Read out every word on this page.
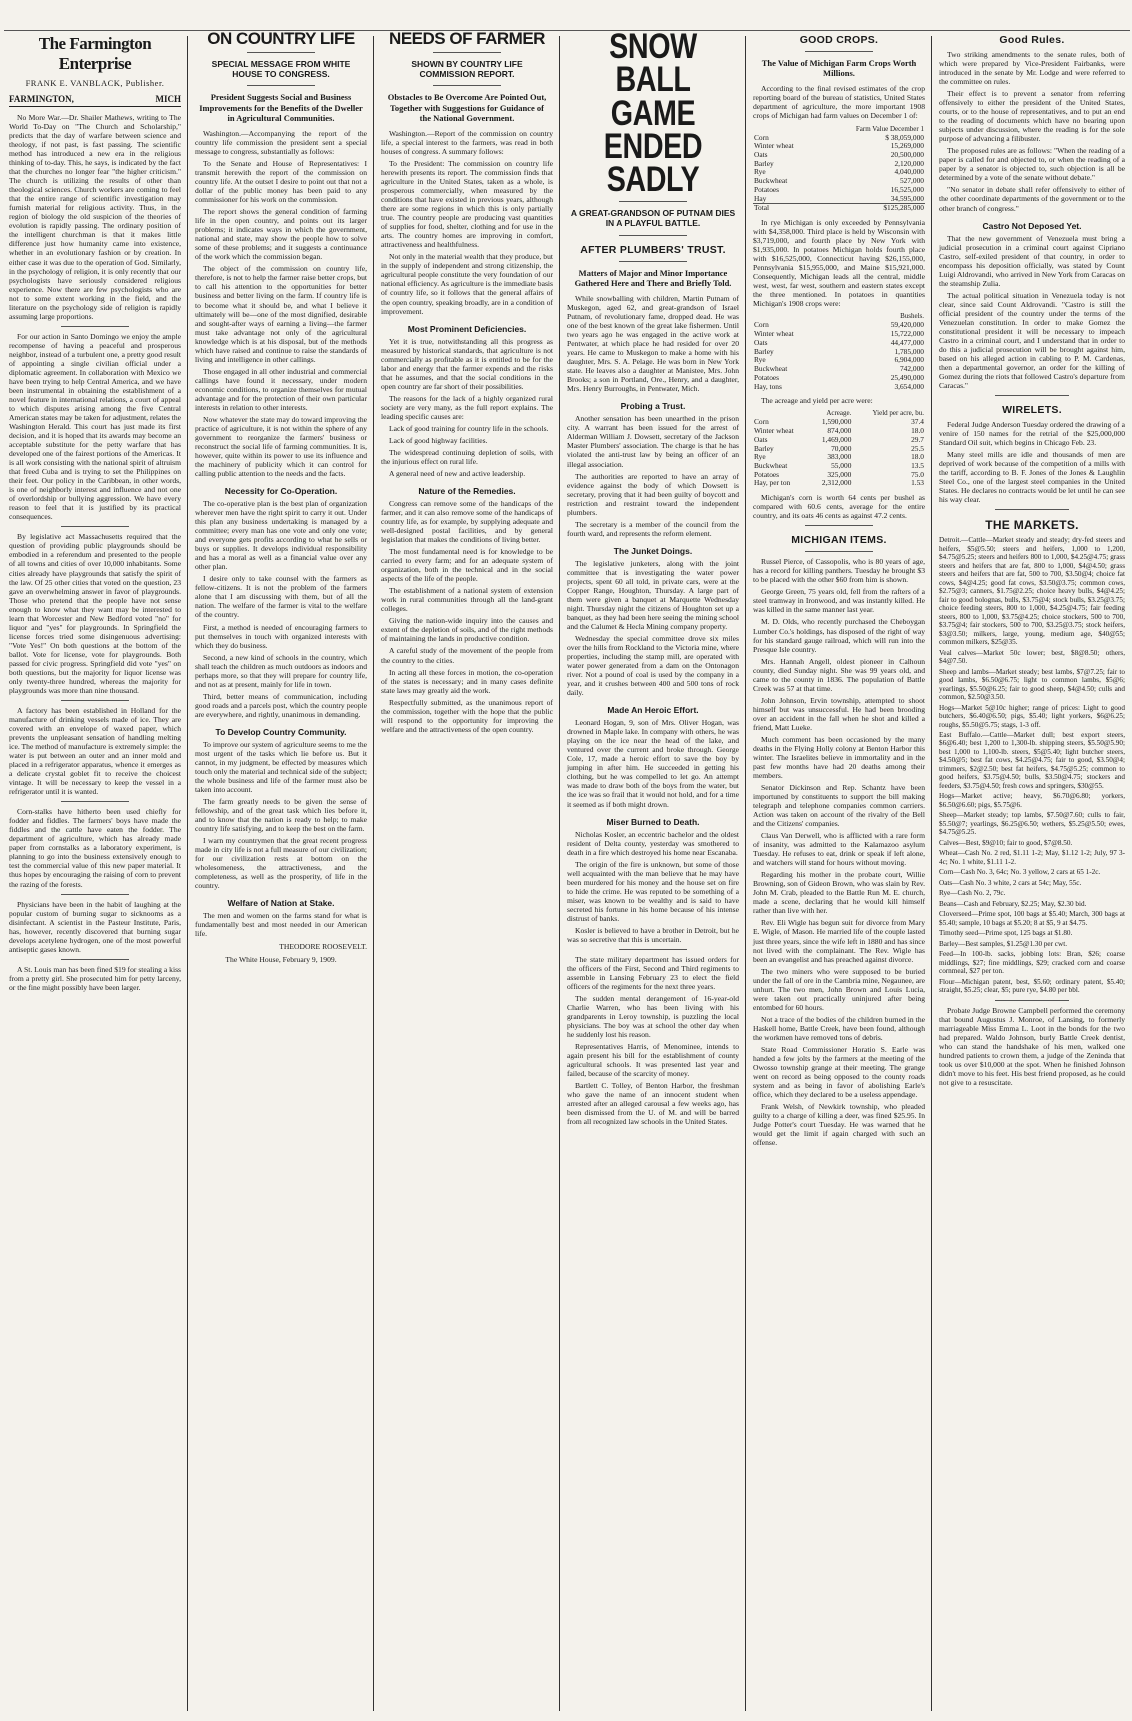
The Farmington Enterprise
FRANK E. VANBLACK, Publisher.
FARMINGTON,	MICH

No More War.—Dr. Shailer Mathews, writing to The World To-Day on "The Church and Scholarship," predicts that the day of warfare between science and theology, if not past, is fast passing. The scientific method has introduced a new era in the religious thinking of to-day. This, he says, is indicated by the fact that the churches no longer fear "the higher criticism." The church is utilizing the results of other than theological sciences. Church workers are coming to feel that the entire range of scientific investigation may furnish material for religious activity. Thus, in the region of biology the old suspicion of the theories of evolution is rapidly passing. The ordinary position of the intelligent churchman is that it makes little difference just how humanity came into existence, whether in an evolutionary fashion or by creation. In either case it was due to the operation of God. Similarly, in the psychology of religion, it is only recently that our psychologists have seriously considered religious experience. Now there are few psychologists who are not to some extent working in the field, and the literature on the psychology side of religion is rapidly assuming large proportions.

For our action in Santo Domingo we enjoy the ample recompense of having a peaceful and prosperous neighbor, instead of a turbulent one, a pretty good result of appointing a single civilian official under a diplomatic agreement. In collaboration with Mexico we have been trying to help Central America, and we have been instrumental in obtaining the establishment of a novel feature in international relations, a court of appeal to which disputes arising among the five Central American states may be taken for adjustment, relates the Washington Herald. This court has just made its first decision, and it is hoped that its awards may become an acceptable substitute for the petty warfare that has developed one of the fairest portions of the Americas. It is all work consisting with the national spirit of altruism that freed Cuba and is trying to set the Philippines on their feet. Our policy in the Caribbean, in other words, is one of neighborly interest and influence and not one of overlordship or bullying aggression. We have every reason to feel that it is justified by its practical consequences.

By legislative act Massachusetts required that the question of providing public playgrounds should be embodied in a referendum and presented to the people of all towns and cities of over 10,000 inhabitants. Some cities already have playgrounds that satisfy the spirit of the law. Of 25 other cities that voted on the question, 23 gave an overwhelming answer in favor of playgrounds. Those who pretend that the people have not sense enough to know what they want may be interested to learn that Worcester and New Bedford voted "no" for liquor and "yes" for playgrounds. In Springfield the license forces tried some disingenuous advertising: "Vote Yes!" On both questions at the bottom of the ballot. Vote for license, vote for playgrounds. Both passed for civic progress. Springfield did vote "yes" on both questions, but the majority for liquor license was only twenty-three hundred, whereas the majority for playgrounds was more than nine thousand.

A factory has been established in Holland for the manufacture of drinking vessels made of ice. They are covered with an envelope of waxed paper, which prevents the unpleasant sensation of handling melting ice. The method of manufacture is extremely simple: the water is put between an outer and an inner mold and placed in a refrigerator apparatus, whence it emerges as a delicate crystal goblet fit to receive the choicest vintage. It will be necessary to keep the vessel in a refrigerator until it is wanted.

Corn-stalks have hitherto been used chiefly for fodder and fiddles. The farmers' boys have made the fiddles and the cattle have eaten the fodder. The department of agriculture, which has already made paper from cornstalks as a laboratory experiment, is planning to go into the business extensively enough to test the commercial value of this new paper material. It thus hopes by encouraging the raising of corn to prevent the razing of the forests.

Physicians have been in the habit of laughing at the popular custom of burning sugar to sicknooms as a disinfectant. A scientist in the Pasteur Institute, Paris, has, however, recently discovered that burning sugar develops acetylene hydrogen, one of the most powerful antiseptic gases known.

A St. Louis man has been fined $19 for stealing a kiss from a pretty girl. She prosecuted him for petty larceny, or the fine might possibly have been larger.

ON COUNTRY LIFE
SPECIAL MESSAGE FROM WHITE HOUSE TO CONGRESS.
President Suggests Social and Business Improvements for the Benefits of the Dweller in Agricultural Communities.

Washington.—Accompanying the report of the country life commission the president sent a special message to congress, substantially as follows:

To the Senate and House of Representatives: I transmit herewith the report of the commission on country life. At the outset I desire to point out that not a dollar of the public money has been paid to any commissioner for his work on the commission.

The report shows the general condition of farming life in the open country, and points out its larger problems; it indicates ways in which the government, national and state, may show the people how to solve some of these problems; and it suggests a continuance of the work which the commission began.

The object of the commission on country life, therefore, is not to help the farmer raise better crops, but to call his attention to the opportunities for better business and better living on the farm. If country life is to become what it should be, and what I believe it ultimately will be—one of the most dignified, desirable and sought-after ways of earning a living—the farmer must take advantage not only of the agricultural knowledge which is at his disposal, but of the methods which have raised and continue to raise the standards of living and intelligence in other callings.

Those engaged in all other industrial and commercial callings have found it necessary, under modern economic conditions, to organize themselves for mutual advantage and for the protection of their own particular interests in relation to other interests.

Now whatever the state may do toward improving the practice of agriculture, it is not within the sphere of any government to reorganize the farmers' business or reconstruct the social life of farming communities. It is, however, quite within its power to use its influence and the machinery of publicity which it can control for calling public attention to the needs and the facts.

Necessity for Co-Operation.

The co-operative plan is the best plan of organization wherever men have the right spirit to carry it out. Under this plan any business undertaking is managed by a committee; every man has one vote and only one vote; and everyone gets profits according to what he sells or buys or supplies. It develops individual responsibility and has a moral as well as a financial value over any other plan.

I desire only to take counsel with the farmers as fellow-citizens. It is not the problem of the farmers alone that I am discussing with them, but of all the nation. The welfare of the farmer is vital to the welfare of the country.

First, a method is needed of encouraging farmers to put themselves in touch with organized interests with which they do business.

Second, a new kind of schools in the country, which shall teach the children as much outdoors as indoors and perhaps more, so that they will prepare for country life, and not as at present, mainly for life in town.

Third, better means of communication, including good roads and a parcels post, which the country people are everywhere, and rightly, unanimous in demanding.

To Develop Country Community.

To improve our system of agriculture seems to me the most urgent of the tasks which lie before us. But it cannot, in my judgment, be effected by measures which touch only the material and technical side of the subject; the whole business and life of the farmer must also be taken into account.

The farm greatly needs to be given the sense of fellowship, and of the great task which lies before it, and to know that the nation is ready to help; to make country life satisfying, and to keep the best on the farm.

I warn my countrymen that the great recent progress made in city life is not a full measure of our civilization; for our civilization rests at bottom on the wholesomeness, the attractiveness, and the completeness, as well as the prosperity, of life in the country.

Welfare of Nation at Stake.

The men and women on the farms stand for what is fundamentally best and most needed in our American life.

THEODORE ROOSEVELT.
The White House, February 9, 1909.
NEEDS OF FARMER
SHOWN BY COUNTRY LIFE COMMISSION REPORT.
Obstacles to Be Overcome Are Pointed Out, Together with Suggestions for Guidance of the National Government.

Washington.—Report of the commission on country life, a special interest to the farmers, was read in both houses of congress. A summary follows:

To the President: The commission on country life herewith presents its report. The commission finds that agriculture in the United States, taken as a whole, is prosperous commercially, when measured by the conditions that have existed in previous years, although there are some regions in which this is only partially true. The country people are producing vast quantities of supplies for food, shelter, clothing and for use in the arts. The country homes are improving in comfort, attractiveness and healthfulness.

Not only in the material wealth that they produce, but in the supply of independent and strong citizenship, the agricultural people constitute the very foundation of our national efficiency. As agriculture is the immediate basis of country life, so it follows that the general affairs of the open country, speaking broadly, are in a condition of improvement.

Most Prominent Deficiencies.

Yet it is true, notwithstanding all this progress as measured by historical standards, that agriculture is not commercially as profitable as it is entitled to be for the labor and energy that the farmer expends and the risks that he assumes, and that the social conditions in the open country are far short of their possibilities.

The reasons for the lack of a highly organized rural society are very many, as the full report explains. The leading specific causes are:

Lack of good training for country life in the schools.

Lack of good highway facilities.

The widespread continuing depletion of soils, with the injurious effect on rural life.

A general need of new and active leadership.

Nature of the Remedies.

Congress can remove some of the handicaps of the farmer, and it can also remove some of the handicaps of country life, as for example, by supplying adequate and well-designed postal facilities, and by general legislation that makes the conditions of living better.

The most fundamental need is for knowledge to be carried to every farm; and for an adequate system of organization, both in the technical and in the social aspects of the life of the people.

The establishment of a national system of extension work in rural communities through all the land-grant colleges.

Giving the nation-wide inquiry into the causes and extent of the depletion of soils, and of the right methods of maintaining the lands in productive condition.

A careful study of the movement of the people from the country to the cities.

In acting all these forces in motion, the co-operation of the states is necessary; and in many cases definite state laws may greatly aid the work.

Respectfully submitted, as the unanimous report of the commission, together with the hope that the public will respond to the opportunity for improving the welfare and the attractiveness of the open country.

SNOW BALL GAME ENDED SADLY
A GREAT-GRANDSON OF PUTNAM DIES IN A PLAYFUL BATTLE.
AFTER PLUMBERS' TRUST.
Matters of Major and Minor Importance Gathered Here and There and Briefly Told.

While snowballing with children, Martin Putnam of Muskegon, aged 62, and great-grandson of Israel Putnam, of revolutionary fame, dropped dead. He was one of the best known of the great lake fishermen. Until two years ago he was engaged in the active work at Pentwater, at which place he had resided for over 20 years. He came to Muskegon to make a home with his daughter, Mrs. S. A. Pelage. He was born in New York state. He leaves also a daughter at Manistee, Mrs. John Brooks; a son in Portland, Ore., Henry, and a daughter, Mrs. Henry Burroughs, in Pentwater, Mich.

Probing a Trust.

Another sensation has been unearthed in the prison city. A warrant has been issued for the arrest of Alderman William J. Dowsett, secretary of the Jackson Master Plumbers' association. The charge is that he has violated the anti-trust law by being an officer of an illegal association.

The authorities are reported to have an array of evidence against the body of which Dowsett is secretary, proving that it had been guilty of boycott and restriction and restraint toward the independent plumbers.

The secretary is a member of the council from the fourth ward, and represents the reform element.

The Junket Doings.

The legislative junketers, along with the joint committee that is investigating the water power projects, spent 60 all told, in private cars, were at the Copper Range, Houghton, Thursday. A large part of them were given a banquet at Marquette Wednesday night. Thursday night the citizens of Houghton set up a banquet, as they had been here seeing the mining school and the Calumet & Hecla Mining company property.

Wednesday the special committee drove six miles over the hills from Rockland to the Victoria mine, where properties, including the stamp mill, are operated with water power generated from a dam on the Ontonagon river. Not a pound of coal is used by the company in a year, and it crushes between 400 and 500 tons of rock daily.

Made An Heroic Effort.

Leonard Hogan, 9, son of Mrs. Oliver Hogan, was drowned in Maple lake. In company with others, he was playing on the ice near the head of the lake, and ventured over the current and broke through. George Cole, 17, made a heroic effort to save the boy by jumping in after him. He succeeded in getting his clothing, but he was compelled to let go. An attempt was made to draw both of the boys from the water, but the ice was so frail that it would not hold, and for a time it seemed as if both might drown.

Miser Burned to Death.

Nicholas Kosler, an eccentric bachelor and the oldest resident of Delta county, yesterday was smothered to death in a fire which destroyed his home near Escanaba.

The origin of the fire is unknown, but some of those well acquainted with the man believe that he may have been murdered for his money and the house set on fire to hide the crime. He was reputed to be something of a miser, was known to be wealthy and is said to have secreted his fortune in his home because of his intense distrust of banks.

Kosler is believed to have a brother in Detroit, but he was so secretive that this is uncertain.

The state military department has issued orders for the officers of the First, Second and Third regiments to assemble in Lansing February 23 to elect the field officers of the regiments for the next three years.

The sudden mental derangement of 16-year-old Charlie Warren, who has been living with his grandparents in Leroy township, is puzzling the local physicians. The boy was at school the other day when he suddenly lost his reason.

Representatives Harris, of Menominee, intends to again present his bill for the establishment of county agricultural schools. It was presented last year and failed, because of the scarcity of money.

Bartlett C. Tolley, of Benton Harbor, the freshman who gave the name of an innocent student when arrested after an alleged carousal a few weeks ago, has been dismissed from the U. of M. and will be barred from all recognized law schools in the United States.

GOOD CROPS.
The Value of Michigan Farm Crops Worth Millions.

According to the final revised estimates of the crop reporting board of the bureau of statistics, United States department of agriculture, the more important 1908 crops of Michigan had farm values on December 1 of:

	Farm Value December 1
Corn	$ 38,059,000
Winter wheat	15,269,000
Oats	20,500,000
Barley	2,120,000
Rye	4,040,000
Buckwheat	527,000
Potatoes	16,525,000
Hay	34,595,000
Total	$125,285,000

In rye Michigan is only exceeded by Pennsylvania with $4,358,000. Third place is held by Wisconsin with $3,719,000, and fourth place by New York with $1,935,000. In potatoes Michigan holds fourth place with $16,525,000, Connecticut having $26,155,000, Pennsylvania $15,955,000, and Maine $15,921,000. Consequently, Michigan leads all the central, middle west, west, far west, southern and eastern states except the three mentioned. In potatoes in quantities Michigan's 1908 crops were:

	Bushels.
Corn	59,420,000
Winter wheat	15,722,000
Oats	44,477,000
Barley	1,785,000
Rye	6,904,000
Buckwheat	742,000
Potatoes	25,490,000
Hay, tons	3,654,000

The acreage and yield per acre were:

	Acreage.	Yield per acre, bu.
Corn	1,590,000	37.4
Winter wheat	874,000	18.0
Oats	1,469,000	29.7
Barley	70,000	25.5
Rye	383,000	18.0
Buckwheat	55,000	13.5
Potatoes	325,000	75.0
Hay, per ton	2,312,000	1.53

Michigan's corn is worth 64 cents per bushel as compared with 60.6 cents, average for the entire country, and its oats 46 cents as against 47.2 cents.

MICHIGAN ITEMS.

Russel Pierce, of Cassopolis, who is 80 years of age, has a record for killing panthers. Tuesday he brought $3 to be placed with the other $60 from him is shown.

George Green, 75 years old, fell from the rafters of a steel tramway in Ironwood, and was instantly killed. He was killed in the same manner last year.

M. D. Olds, who recently purchased the Cheboygan Lumber Co.'s holdings, has disposed of the right of way for his standard gauge railroad, which will run into the Presque Isle country.

Mrs. Hannah Angell, oldest pioneer in Calhoun county, died Sunday night. She was 99 years old, and came to the county in 1836. The population of Battle Creek was 57 at that time.

John Johnson, Ervin township, attempted to shoot himself but was unsuccessful. He had been brooding over an accident in the fall when he shot and killed a friend, Matt Lueke.

Much comment has been occasioned by the many deaths in the Flying Holly colony at Benton Harbor this winter. The Israelites believe in immortality and in the past few months have had 20 deaths among their members.

Senator Dickinson and Rep. Schantz have been importuned by constituents to support the bill making telegraph and telephone companies common carriers. Action was taken on account of the rivalry of the Bell and the Citizens' companies.

Claus Van Derwell, who is afflicted with a rare form of insanity, was admitted to the Kalamazoo asylum Tuesday. He refuses to eat, drink or speak if left alone, and watchers will stand for hours without moving.

Regarding his mother in the probate court, Willie Browning, son of Gideon Brown, who was slain by Rev. John M. Crab, pleaded to the Battle Run M. E. church, made a scene, declaring that he would kill himself rather than live with her.

Rev. Eli Wigle has begun suit for divorce from Mary E. Wigle, of Mason. He married life of the couple lasted just three years, since the wife left in 1880 and has since not lived with the complainant. The Rev. Wigle has been an evangelist and has preached against divorce.

The two miners who were supposed to be buried under the fall of ore in the Cambria mine, Negaunee, are unhurt. The two men, John Brown and Louis Lucia, were taken out practically uninjured after being entombed for 60 hours.

Not a trace of the bodies of the children burned in the Haskell home, Battle Creek, have been found, although the workmen have removed tons of debris.

State Road Commissioner Horatio S. Earle was handed a few jolts by the farmers at the meeting of the Owosso township grange at their meeting. The grange went on record as being opposed to the county roads system and as being in favor of abolishing Earle's office, which they declared to be a useless appendage.

Frank Welsh, of Newkirk township, who pleaded guilty to a charge of killing a deer, was fined $25.95. In Judge Potter's court Tuesday. He was warned that he would get the limit if again charged with such an offense.

Good Rules.

Two striking amendments to the senate rules, both of which were prepared by Vice-President Fairbanks, were introduced in the senate by Mr. Lodge and were referred to the committee on rules.

Their effect is to prevent a senator from referring offensively to either the president of the United States, courts, or to the house of representatives, and to put an end to the reading of documents which have no bearing upon subjects under discussion, where the reading is for the sole purpose of advancing a filibuster.

The proposed rules are as follows: "When the reading of a paper is called for and objected to, or when the reading of a paper by a senator is objected to, such objection is all be determined by a vote of the senate without debate."

"No senator in debate shall refer offensively to either of the other coordinate departments of the government or to the other branch of congress."

Castro Not Deposed Yet.

That the new government of Venezuela must bring a judicial prosecution in a criminal court against Cipriano Castro, self-exiled president of that country, in order to encompass his deposition officially, was stated by Count Luigi Aldrovandi, who arrived in New York from Caracas on the steamship Zulia.

The actual political situation in Venezuela today is not clear, since said Count Aldrovandi. "Castro is still the official president of the country under the terms of the Venezuelan constitution. In order to make Gomez the constitutional president it will be necessary to impeach Castro in a criminal court, and I understand that in order to do this a judicial prosecution will be brought against him, based on his alleged action in cabling to P. M. Cardenas, then a departmental governor, an order for the killing of Gomez during the riots that followed Castro's departure from Caracas."

WIRELETS.

Federal Judge Anderson Tuesday ordered the drawing of a venire of 150 names for the retrial of the $25,000,000 Standard Oil suit, which begins in Chicago Feb. 23.

Many steel mills are idle and thousands of men are deprived of work because of the competition of a mills with the tariff, according to B. F. Jones of the Jones & Laughlin Steel Co., one of the largest steel companies in the United States. He declares no contracts would be let until he can see his way clear.

THE MARKETS.
Detroit.—Cattle—Market steady and steady; dry-fed steers and heifers, $5@5.50; steers and heifers, 1,000 to 1,200, $4.75@5.25; steers and heifers 800 to 1,000, $4.25@4.75; grass steers and heifers that are fat, 800 to 1,000, $4@4.50; grass steers and heifers that are fat, 500 to 700, $3.50@4; choice fat cows, $4@4.25; good fat cows, $3.50@3.75; common cows, $2.75@3; canners, $1.75@2.25; choice heavy bulls, $4@4.25; fair to good bolognas, bulls, $3.75@4; stock bulls, $3.25@3.75; choice feeding steers, 800 to 1,000, $4.25@4.75; fair feeding steers, 800 to 1,000, $3.75@4.25; choice stockers, 500 to 700, $3.75@4; fair stockers, 500 to 700, $3.25@3.75; stock heifers, $3@3.50; milkers, large, young, medium age, $40@55; common milkers, $25@35.
Veal calves—Market 50c lower; best, $8@8.50; others, $4@7.50.
Sheep and lambs—Market steady; best lambs, $7@7.25; fair to good lambs, $6.50@6.75; light to common lambs, $5@6; yearlings, $5.50@6.25; fair to good sheep, $4@4.50; culls and common, $2.50@3.50.
Hogs—Market 5@10c higher; range of prices: Light to good butchers, $6.40@6.50; pigs, $5.40; light yorkers, $6@6.25; roughs, $5.50@5.75; stags, 1-3 off.
East Buffalo.—Cattle—Market dull; best export steers, $6@6.40; best 1,200 to 1,300-lb. shipping steers, $5.50@5.90; best 1,000 to 1,100-lb. steers, $5@5.40; light butcher steers, $4.50@5; best fat cows, $4.25@4.75; fair to good, $3.50@4; trimmers, $2@2.50; best fat heifers, $4.75@5.25; common to good heifers, $3.75@4.50; bulls, $3.50@4.75; stockers and feeders, $3.75@4.50; fresh cows and springers, $30@55.
Hogs—Market active; heavy, $6.70@6.80; yorkers, $6.50@6.60; pigs, $5.75@6.
Sheep—Market steady; top lambs, $7.50@7.60; culls to fair, $5.50@7; yearlings, $6.25@6.50; wethers, $5.25@5.50; ewes, $4.75@5.25.
Calves—Best, $9@10; fair to good, $7@8.50.
Wheat—Cash No. 2 red, $1.11 1-2; May, $1.12 1-2; July, 97 3-4c; No. 1 white, $1.11 1-2.
Corn—Cash No. 3, 64c; No. 3 yellow, 2 cars at 65 1-2c.
Oats—Cash No. 3 white, 2 cars at 54c; May, 55c.
Rye—Cash No. 2, 79c.
Beans—Cash and February, $2.25; May, $2.30 bid.
Cloverseed—Prime spot, 100 bags at $5.40; March, 300 bags at $5.40; sample, 10 bags at $5.20; 8 at $5, 9 at $4.75.
Timothy seed—Prime spot, 125 bags at $1.80.
Barley—Best samples, $1.25@1.30 per cwt.
Feed—In 100-lb. sacks, jobbing lots: Bran, $26; coarse middlings, $27; fine middlings, $29; cracked corn and coarse cornmeal, $27 per ton.
Flour—Michigan patent, best, $5.60; ordinary patent, $5.40; straight, $5.25; clear, $5; pure rye, $4.80 per bbl.

Probate Judge Browne Campbell performed the ceremony that bound Augustus J. Monroe, of Lansing, to formerly marriageable Miss Emma L. Loot in the bonds for the two had prepared. Waldo Johnson, burly Battle Creek dentist, who can stand the handshake of his men, walked one hundred patients to crown them, a judge of the Zeninda that took us over $10,000 at the spot. When he finished Johnson didn't move to his feet. His best friend proposed, as he could not give to a resuscitate.
